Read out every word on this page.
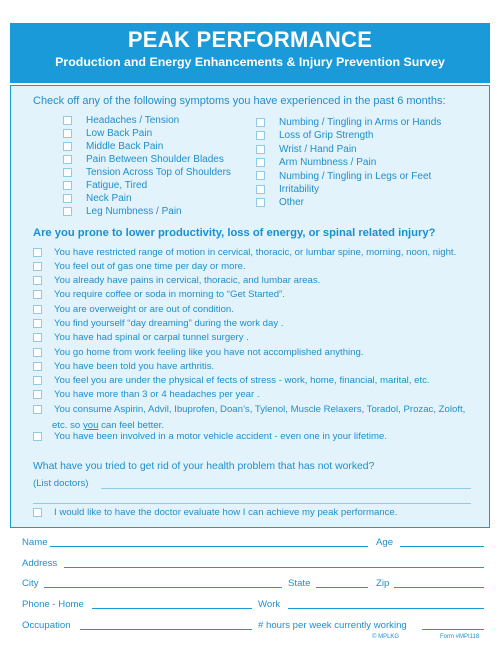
PEAK PERFORMANCE
Production and Energy Enhancements & Injury Prevention Survey
Check off any of the following symptoms you have experienced in the past 6 months:
Headaches / Tension
Low Back Pain
Middle Back Pain
Pain Between Shoulder Blades
Tension Across Top of Shoulders
Fatigue, Tired
Neck Pain
Leg Numbness / Pain
Numbing / Tingling in Arms or Hands
Loss of Grip Strength
Wrist / Hand Pain
Arm Numbness / Pain
Numbing / Tingling in Legs or Feet
Irritability
Other
Are you prone to lower productivity, loss of energy, or spinal related injury?
You have restricted range of motion in cervical, thoracic, or lumbar spine, morning, noon, night.
You feel out of gas one time per day or more.
You already have pains in cervical, thoracic, and lumbar areas.
You require coffee or soda in morning to “Get Started”.
You are overweight or are out of condition.
You find yourself “day dreaming” during the work day .
You have had spinal or carpal tunnel surgery .
You go home from work feeling like you have not accomplished anything.
You have been told you have arthritis.
You feel you are under the physical ef fects of stress - work, home, financial, marital, etc.
You have more than 3 or 4 headaches per year .
You consume Aspirin, Advil, Ibuprofen, Doan’s, Tylenol, Muscle Relaxers, Toradol, Prozac, Zoloft,
You have been involved in a motor vehicle accident - even one in your lifetime.
etc. so you can feel better.
What have you tried to get rid of your health problem that has not worked?
(List doctors)
I would like to have the doctor evaluate how I can achieve my peak performance.
Name	Age
Address
City	State	Zip
Phone - Home	Work
Occupation	# hours per week currently working
© MPLKG	Form #MPI118
